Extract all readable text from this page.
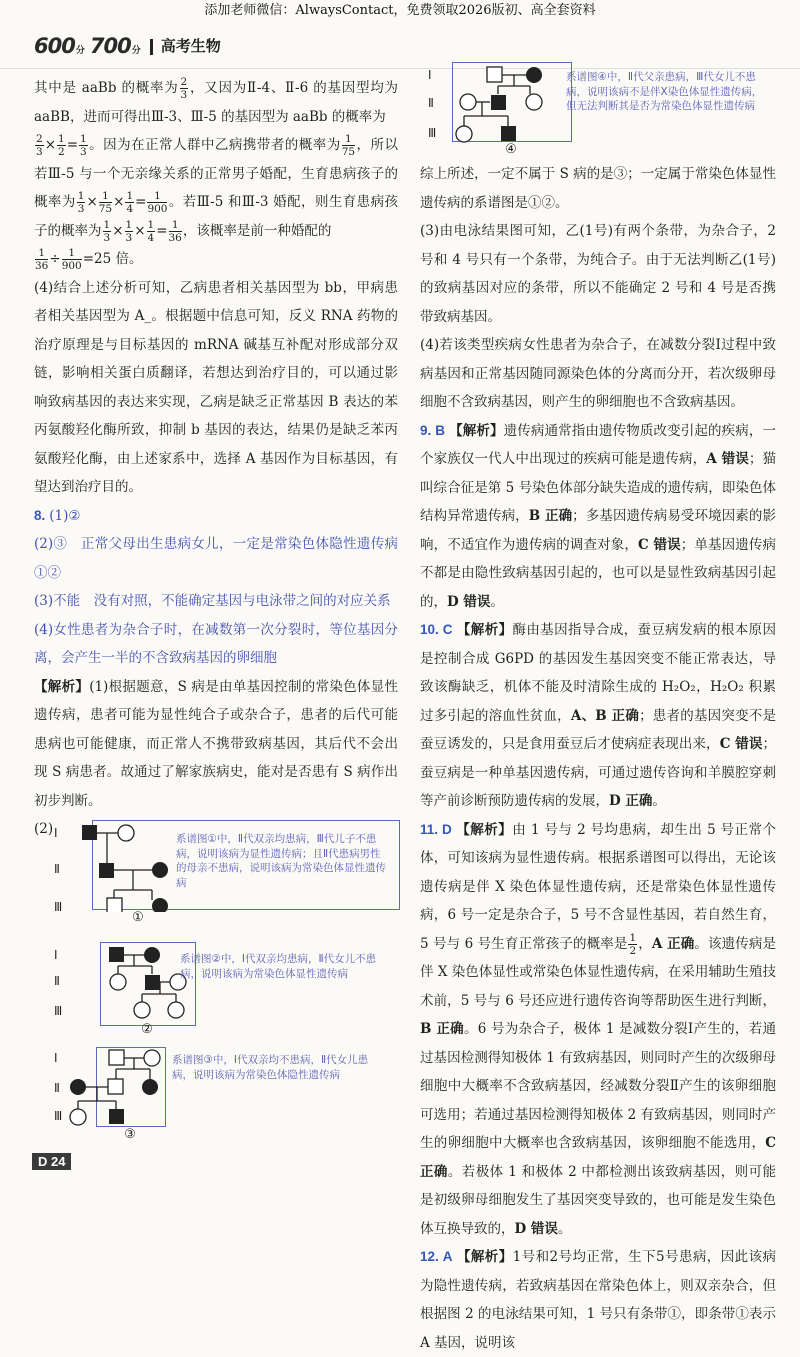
添加老师微信：AlwaysContact，免费领取2026版初、高全套资料
600分 700分 高考生物

其中是 aaBb 的概率为 $\frac{2}{3}$ ，又因为Ⅱ-4、Ⅱ-6 的基因型均为 aaBB，进而可得出Ⅲ-3、Ⅲ-5 的基因型为 aaBb 的概率为

$\frac{2}{3} \times \frac{1}{2} = \frac{1}{3}$ 。因为在正常人群中乙病携带者的概率为 $\frac{1}{75}$ ，所以若Ⅲ-5 与一个无亲缘关系的正常男子婚配，生育患病孩子的概率为 $\frac{1}{3} \times \frac{1}{75} \times \frac{1}{4} = \frac{1}{900}$ 。若Ⅲ-5 和Ⅲ-3 婚配，则生育患病孩子的概率为 $\frac{1}{3} \times \frac{1}{3} \times \frac{1}{4} = \frac{1}{36}$ ，该概率是前一种婚配的

$\frac{1}{36} \div \frac{1}{900} =25$ 倍。

(4)结合上述分析可知，乙病患者相关基因型为 bb，甲病患者相关基因型为 A_。根据题中信息可知，反义 RNA 药物的治疗原理是与目标基因的 mRNA 碱基互补配对形成部分双链，影响相关蛋白质翻译，若想达到治疗目的，可以通过影响致病基因的表达来实现，乙病是缺乏正常基因 B 表达的苯丙氨酸羟化酶所致，抑制 b 基因的表达，结果仍是缺乏苯丙氨酸羟化酶，由上述家系中，选择 A 基因作为目标基因，有望达到治疗目的。

8. (1)②

(2)③　正常父母出生患病女儿，一定是常染色体隐性遗传病　①②

(3)不能　没有对照，不能确定基因与电泳带之间的对应关系

(4)女性患者为杂合子时，在减数第一次分裂时，等位基因分离，会产生一半的不含致病基因的卵细胞

【解析】(1)根据题意，S 病是由单基因控制的常染色体显性遗传病，患者可能为显性纯合子或杂合子，患者的后代可能患病也可能健康，而正常人不携带致病基因，其后代不会出现 S 病患者。故通过了解家族病史，能对是否患有 S 病作出初步判断。

(2) Ⅰ
Ⅱ
Ⅲ
系谱图①中，Ⅱ代双亲均患病，Ⅲ代儿子不患病，说明该病为显性遗传病；且Ⅱ代患病男性的母亲不患病，说明该病为常染色体显性遗传病
①
Ⅰ
Ⅱ
Ⅲ
系谱图②中，Ⅰ代双亲均患病，Ⅱ代女儿不患病，说明该病为常染色体显性遗传病
②
Ⅰ
Ⅱ
Ⅲ
系谱图③中，Ⅰ代双亲均不患病，Ⅱ代女儿患病，说明该病为常染色体隐性遗传病
③
Ⅰ
Ⅱ
Ⅲ
系谱图④中，Ⅱ代父亲患病，Ⅲ代女儿不患病，说明该病不是伴X染色体显性遗传病，但无法判断其是否为常染色体显性遗传病
④

综上所述，一定不属于 S 病的是③；一定属于常染色体显性遗传病的系谱图是①②。

(3)由电泳结果图可知，乙(1号)有两个条带，为杂合子，2号和 4 号只有一个条带，为纯合子。由于无法判断乙(1号)的致病基因对应的条带，所以不能确定 2 号和 4 号是否携带致病基因。

(4)若该类型疾病女性患者为杂合子，在减数分裂Ⅰ过程中致病基因和正常基因随同源染色体的分离而分开，若次级卵母细胞不含致病基因，则产生的卵细胞也不含致病基因。

9. B 【解析】遗传病通常指由遗传物质改变引起的疾病，一个家族仅一代人中出现过的疾病可能是遗传病，A 错误；猫叫综合征是第 5 号染色体部分缺失造成的遗传病，即染色体结构异常遗传病，B 正确；多基因遗传病易受环境因素的影响，不适宜作为遗传病的调查对象，C 错误；单基因遗传病不都是由隐性致病基因引起的，也可以是显性致病基因引起的，D 错误。

10. C 【解析】酶由基因指导合成，蚕豆病发病的根本原因是控制合成 G6PD 的基因发生基因突变不能正常表达，导致该酶缺乏，机体不能及时清除生成的 H₂O₂，H₂O₂ 积累过多引起的溶血性贫血，A、B 正确；患者的基因突变不是蚕豆诱发的，只是食用蚕豆后才使病症表现出来，C 错误；蚕豆病是一种单基因遗传病，可通过遗传咨询和羊膜腔穿刺等产前诊断预防遗传病的发展，D 正确。

11. D 【解析】由 1 号与 2 号均患病，却生出 5 号正常个体，可知该病为显性遗传病。根据系谱图可以得出，无论该遗传病是伴 X 染色体显性遗传病，还是常染色体显性遗传病，6 号一定是杂合子，5 号不含显性基因，若自然生育，5 号与 6 号生育正常孩子的概率是 $\frac{1}{2}$ ，A 正确。该遗传病是伴 X 染色体显性或常染色体显性遗传病，在采用辅助生殖技术前，5 号与 6 号还应进行遗传咨询等帮助医生进行判断，B 正确。6 号为杂合子，极体 1 是减数分裂Ⅰ产生的，若通过基因检测得知极体 1 有致病基因，则同时产生的次级卵母细胞中大概率不含致病基因，经减数分裂Ⅱ产生的该卵细胞可选用；若通过基因检测得知极体 2 有致病基因，则同时产生的卵细胞中大概率也含致病基因，该卵细胞不能选用，C 正确。若极体 1 和极体 2 中都检测出该致病基因，则可能是初级卵母细胞发生了基因突变导致的，也可能是发生染色体互换导致的，D 错误。

12. A 【解析】1号和2号均正常，生下5号患病，因此该病为隐性遗传病，若致病基因在常染色体上，则双亲杂合，但根据图 2 的电泳结果可知，1 号只有条带①，即条带①表示 A 基因，说明该

D 24
